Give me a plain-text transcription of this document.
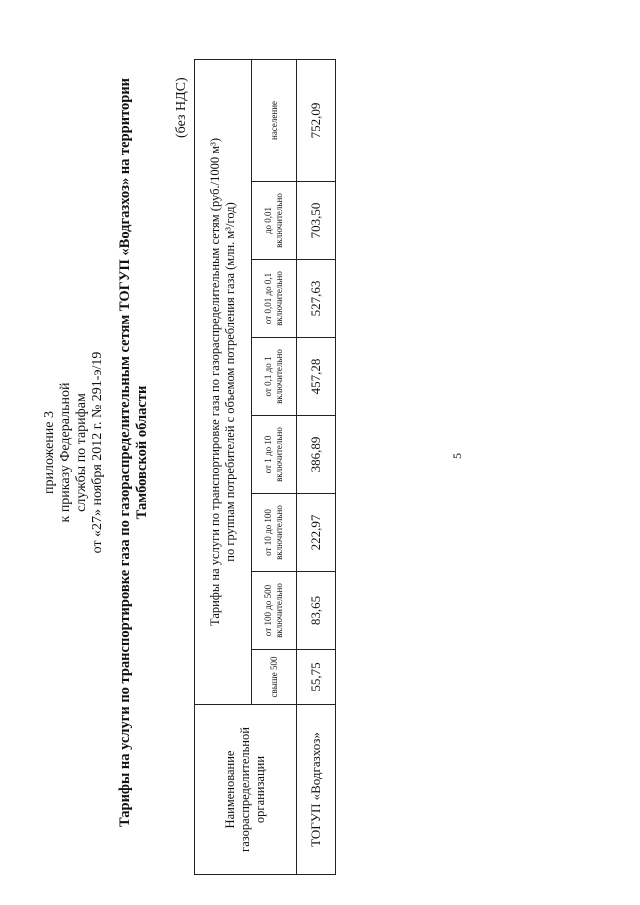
приложение 3 к приказу Федеральной службы по тарифам от «27» ноября 2012 г. № 291-э/19 Тарифы на услуги по транспортировке газа по газораспределительным сетям ТОГУП «Водгазхоз» на территории Тамбовской области
(без НДС)
Наименование газораспределительной организации	Тарифы на услуги по транспортировке газа по газораспределительным сетям (руб./1000 м³) по группам потребителей с объемом потребления газа (млн. м³/год)							

	свыше 500	от 100 до 500 включительно	от 10 до 100 включительно	от 1 до 10 включительно	от 0,1 до 1 включительно	от 0,01 до 0,1 включительно	до 0,01 включительно	население
ТОГУП «Водгазхоз»	55,75	83,65	222,97	386,89	457,28	527,63	703,50	752,09
5
